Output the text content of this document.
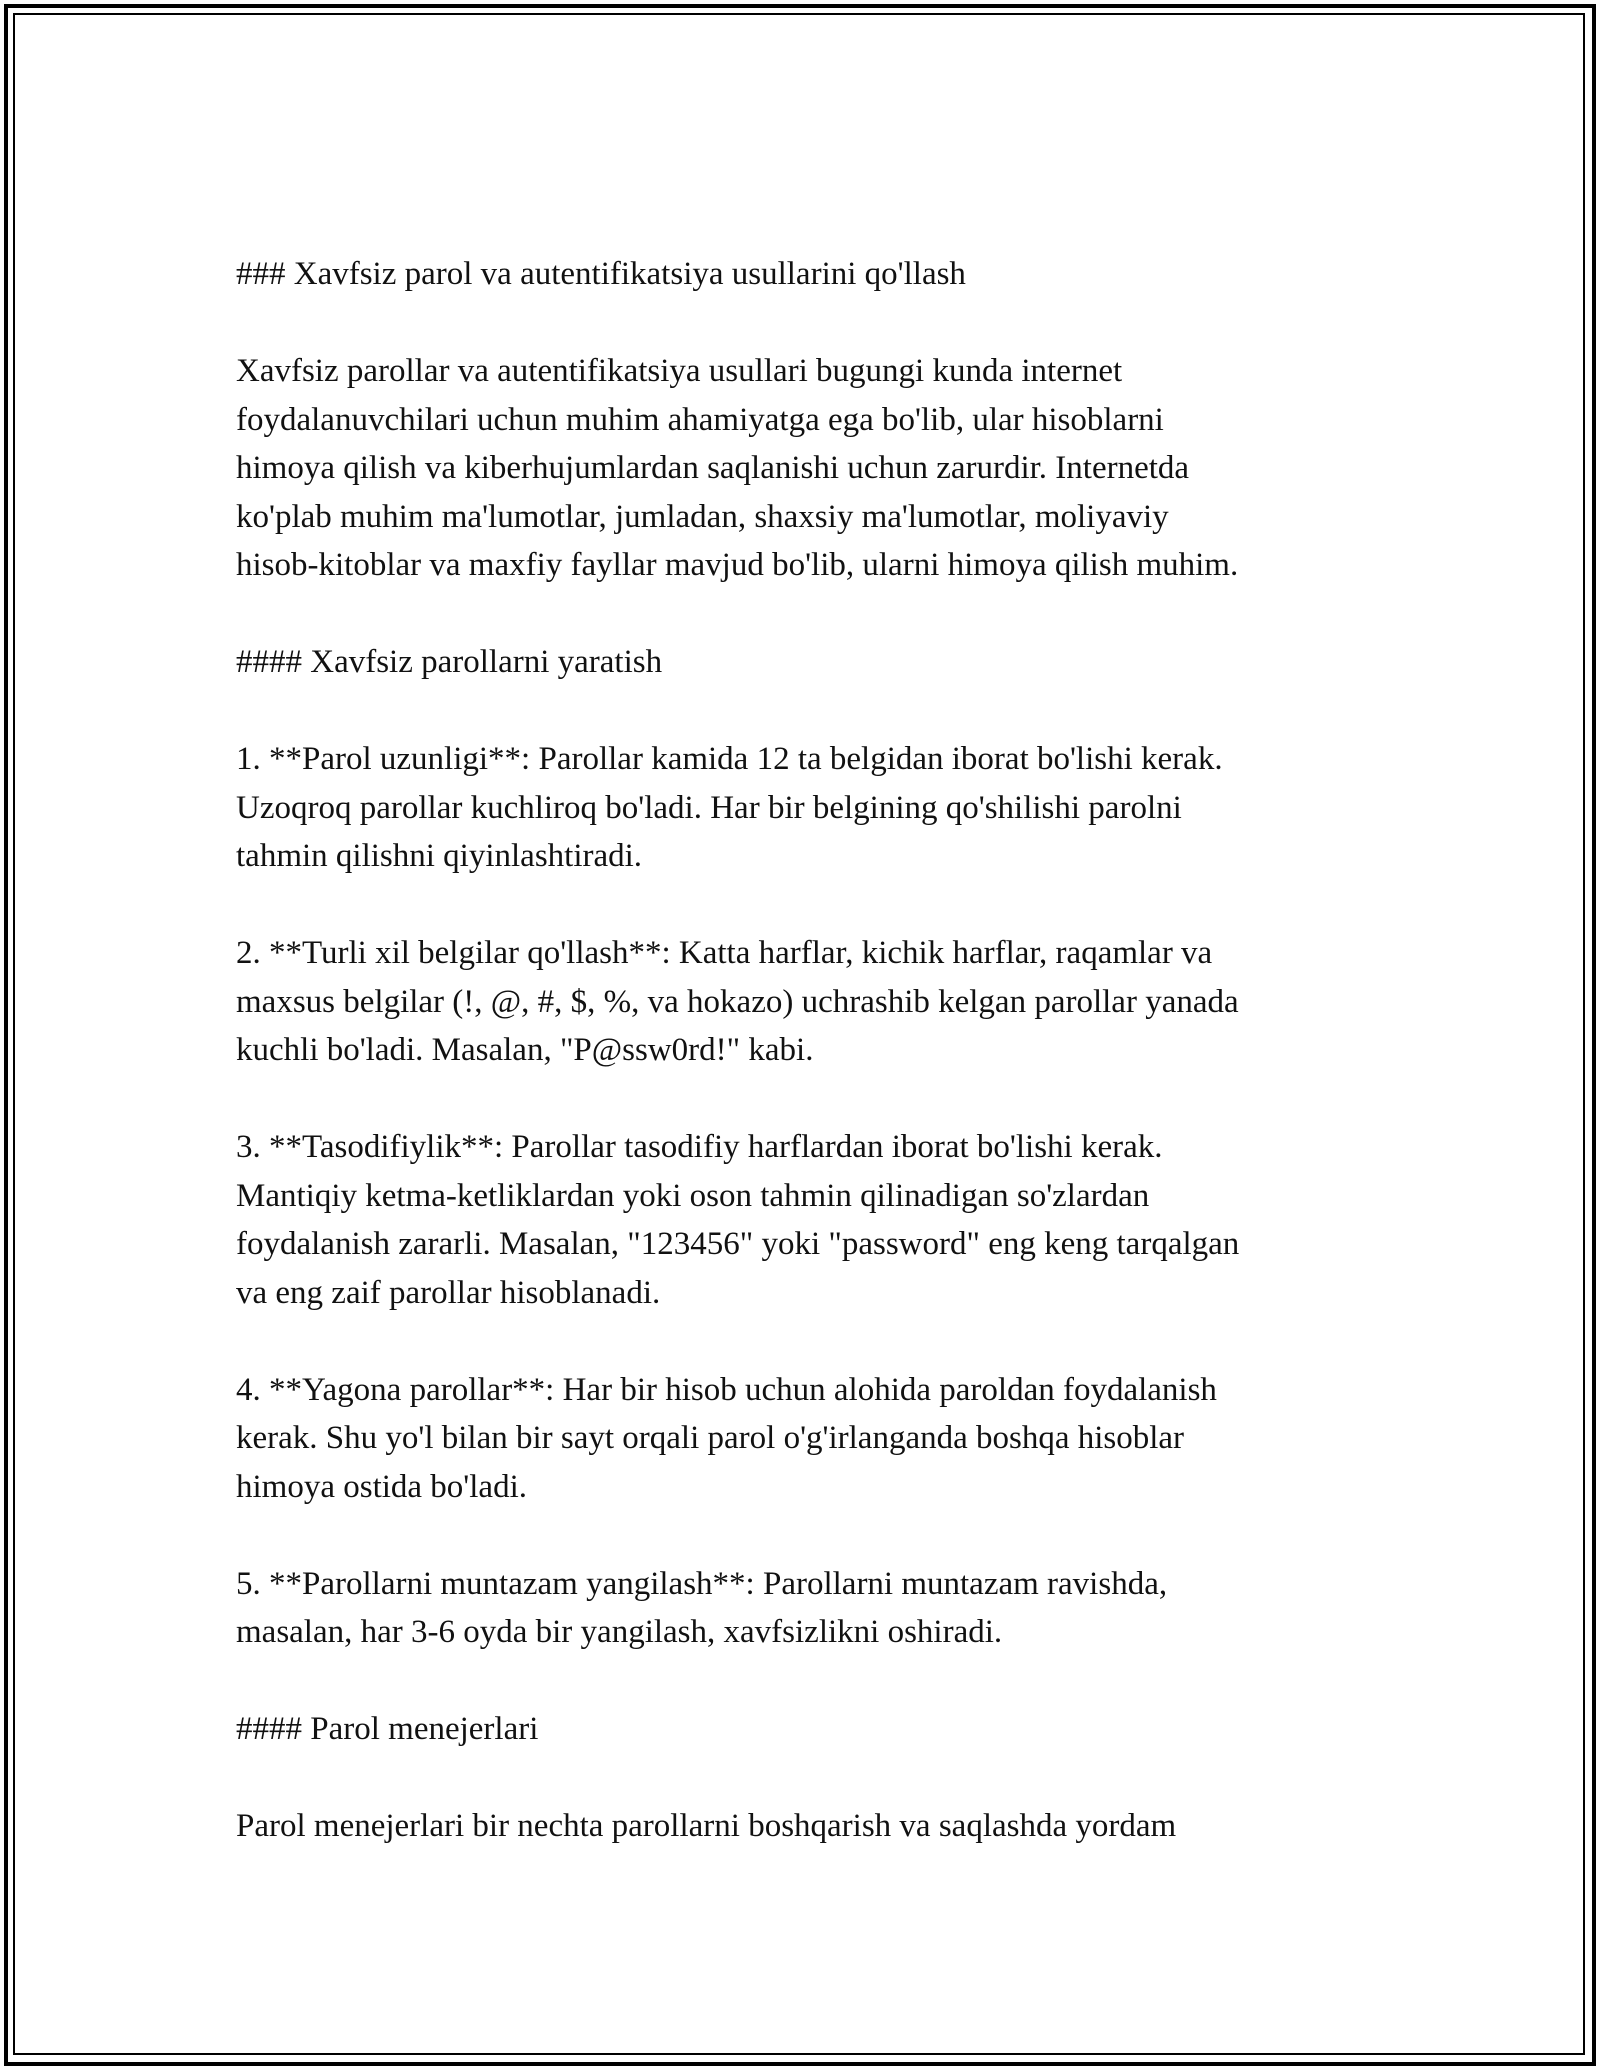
### Xavfsiz parol va autentifikatsiya usullarini qo'llash

Xavfsiz parollar va autentifikatsiya usullari bugungi kunda internet
foydalanuvchilari uchun muhim ahamiyatga ega bo'lib, ular hisoblarni
himoya qilish va kiberhujumlardan saqlanishi uchun zarurdir. Internetda
ko'plab muhim ma'lumotlar, jumladan, shaxsiy ma'lumotlar, moliyaviy
hisob-kitoblar va maxfiy fayllar mavjud bo'lib, ularni himoya qilish muhim.

#### Xavfsiz parollarni yaratish

1. **Parol uzunligi**: Parollar kamida 12 ta belgidan iborat bo'lishi kerak.
Uzoqroq parollar kuchliroq bo'ladi. Har bir belgining qo'shilishi parolni
tahmin qilishni qiyinlashtiradi.

2. **Turli xil belgilar qo'llash**: Katta harflar, kichik harflar, raqamlar va
maxsus belgilar (!, @, #, $, %, va hokazo) uchrashib kelgan parollar yanada
kuchli bo'ladi. Masalan, "P@ssw0rd!" kabi.

3. **Tasodifiylik**: Parollar tasodifiy harflardan iborat bo'lishi kerak.
Mantiqiy ketma-ketliklardan yoki oson tahmin qilinadigan so'zlardan
foydalanish zararli. Masalan, "123456" yoki "password" eng keng tarqalgan
va eng zaif parollar hisoblanadi.

4. **Yagona parollar**: Har bir hisob uchun alohida paroldan foydalanish
kerak. Shu yo'l bilan bir sayt orqali parol o'g'irlanganda boshqa hisoblar
himoya ostida bo'ladi.

5. **Parollarni muntazam yangilash**: Parollarni muntazam ravishda,
masalan, har 3-6 oyda bir yangilash, xavfsizlikni oshiradi.

#### Parol menejerlari

Parol menejerlari bir nechta parollarni boshqarish va saqlashda yordam
